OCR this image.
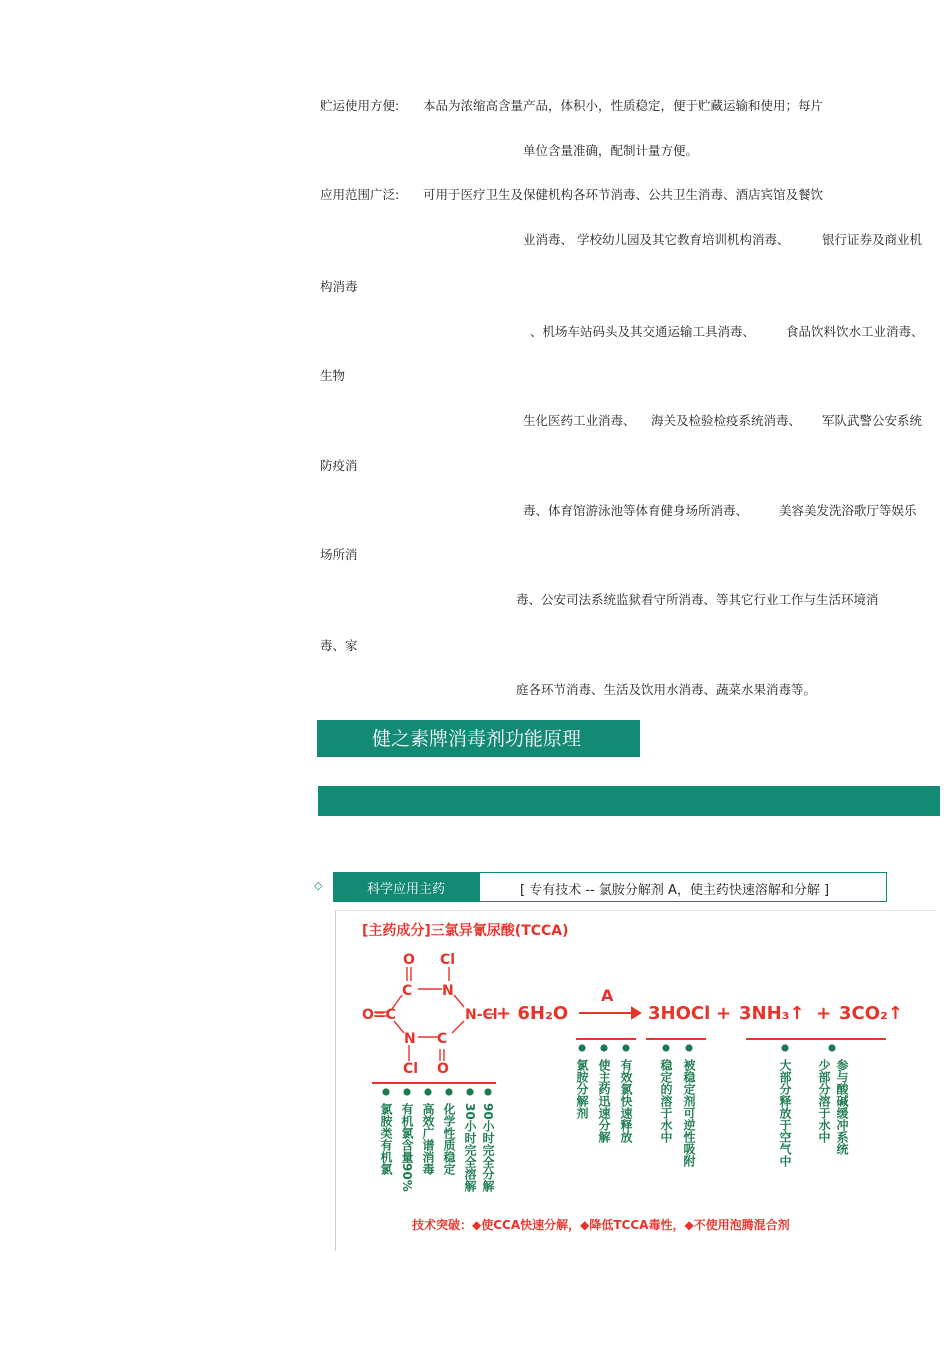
贮运使用方便: 本品为浓缩高含量产品，体积小，性质稳定，便于贮藏运输和使用；每片
单位含量准确，配制计量方便。
应用范围广泛: 可用于医疗卫生及保健机构各环节消毒、公共卫生消毒、酒店宾馆及餐饮
业消毒、 学校幼儿园及其它教育培训机构消毒、	银行证券及商业机
构消毒
、机场车站码头及其交通运输工具消毒、 食品饮料饮水工业消毒、
生物
生化医药工业消毒、 海关及检验检疫系统消毒、 军队武警公安系统
防疫消
毒、体育馆游泳池等体育健身场所消毒、 美容美发洗浴歌厅等娱乐
场所消
毒、公安司法系统监狱看守所消毒、等其它行业工作与生活环境消
毒、家
庭各环节消毒、生活及饮用水消毒、蔬菜水果消毒等。
健之素牌消毒剂功能原理
◇	科学应用主药	[ 专有技术 -- 氯胺分解剂 A，使主药快速溶解和分解 ]
[主药成分]三氯异氰尿酸(TCCA)
O Cl
C N
O=C	N-Cl
N C
Cl O
+ 6H₂O
A
3HOCl + 3NH₃↑ + 3CO₂↑
氯胺类有机氯 有机氯含量90% 高效广谱消毒 化学性质稳定 30小时完全溶解 90小时完全分解
氯胺分解剂 使主药迅速分解 有效氯快速释放 稳定的溶于水中 被稳定剂可逆性吸附	大部分释放于空气中 少部分溶于水中 参与酸碱缓冲系统
技术突破：◆使CCA快速分解，◆降低TCCA毒性，◆不使用泡腾混合剂
